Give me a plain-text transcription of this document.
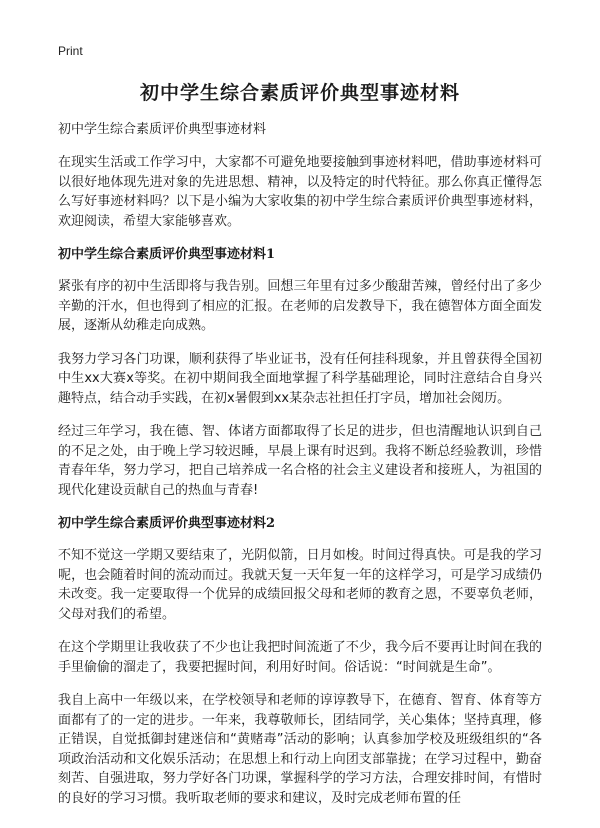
Print
初中学生综合素质评价典型事迹材料
初中学生综合素质评价典型事迹材料

在现实生活或工作学习中，大家都不可避免地要接触到事迹材料吧，借助事迹材料可以很好地体现先进对象的先进思想、精神，以及特定的时代特征。那么你真正懂得怎么写好事迹材料吗？以下是小编为大家收集的初中学生综合素质评价典型事迹材料，欢迎阅读，希望大家能够喜欢。

初中学生综合素质评价典型事迹材料1

紧张有序的初中生活即将与我告别。回想三年里有过多少酸甜苦辣，曾经付出了多少辛勤的汗水，但也得到了相应的汇报。在老师的启发教导下，我在德智体方面全面发展，逐渐从幼稚走向成熟。

我努力学习各门功课，顺利获得了毕业证书，没有任何挂科现象，并且曾获得全国初中生xx大赛x等奖。在初中期间我全面地掌握了科学基础理论，同时注意结合自身兴趣特点，结合动手实践，在初x暑假到xx某杂志社担任打字员，增加社会阅历。

经过三年学习，我在德、智、体诸方面都取得了长足的进步，但也清醒地认识到自己的不足之处，由于晚上学习较迟睡，早晨上课有时迟到。我将不断总经验教训，珍惜青春年华，努力学习，把自己培养成一名合格的社会主义建设者和接班人，为祖国的现代化建设贡献自己的热血与青春!

初中学生综合素质评价典型事迹材料2

不知不觉这一学期又要结束了，光阴似箭，日月如梭。时间过得真快。可是我的学习呢，也会随着时间的流动而过。我就天复一天年复一年的这样学习，可是学习成绩仍未改变。我一定要取得一个优异的成绩回报父母和老师的教育之恩，不要辜负老师，父母对我们的希望。

在这个学期里让我收获了不少也让我把时间流逝了不少，我今后不要再让时间在我的手里偷偷的溜走了，我要把握时间，利用好时间。俗话说：“时间就是生命”。

我自上高中一年级以来，在学校领导和老师的谆谆教导下，在德育、智育、体育等方面都有了的一定的进步。一年来，我尊敬师长，团结同学，关心集体；坚持真理，修正错误，自觉抵御封建迷信和“黄赌毒”活动的影响；认真参加学校及班级组织的“各项政治活动和文化娱乐活动；在思想上和行动上向团支部靠拢；在学习过程中，勤奋刻苦、自强进取，努力学好各门功课，掌握科学的学习方法，合理安排时间，有惜时的良好的学习习惯。我听取老师的要求和建议，及时完成老师布置的任
